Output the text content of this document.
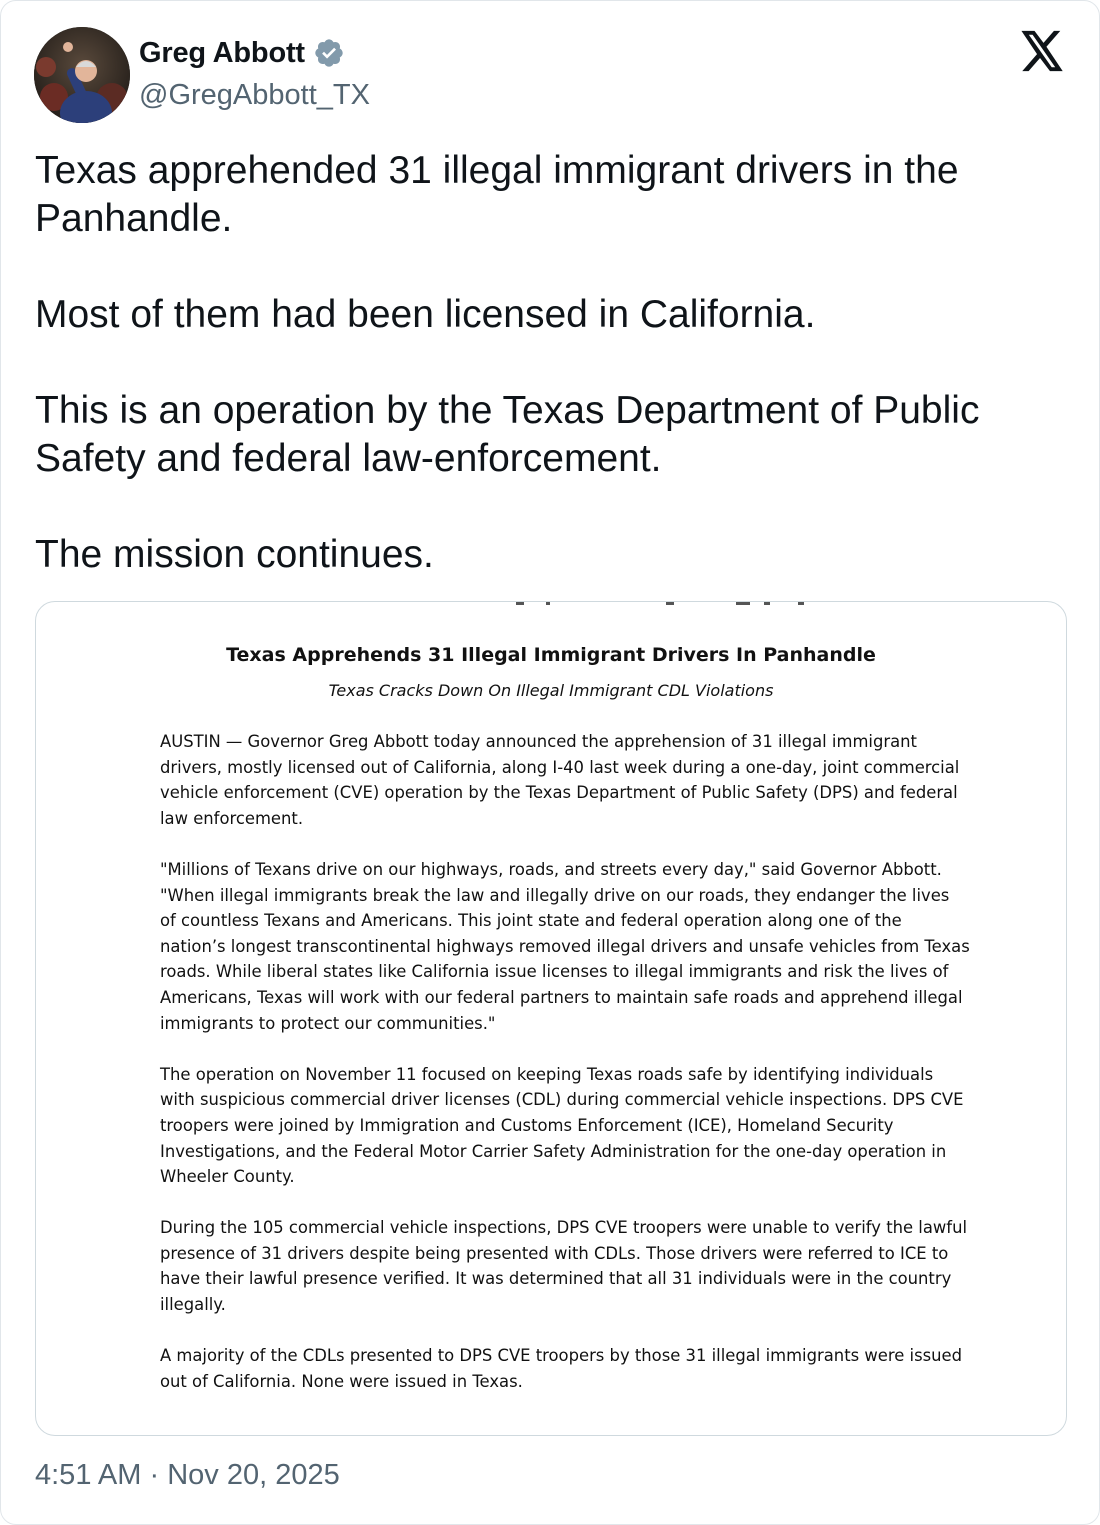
Greg Abbott
@GregAbbott_TX

Texas apprehended 31 illegal immigrant drivers in the Panhandle.

Most of them had been licensed in California.

This is an operation by the Texas Department of Public Safety and federal law-enforcement.

The mission continues.

Texas Apprehends 31 Illegal Immigrant Drivers In Panhandle
Texas Cracks Down On Illegal Immigrant CDL Violations

AUSTIN — Governor Greg Abbott today announced the apprehension of 31 illegal immigrant drivers, mostly licensed out of California, along I-40 last week during a one-day, joint commercial vehicle enforcement (CVE) operation by the Texas Department of Public Safety (DPS) and federal law enforcement.

"Millions of Texans drive on our highways, roads, and streets every day," said Governor Abbott. "When illegal immigrants break the law and illegally drive on our roads, they endanger the lives of countless Texans and Americans. This joint state and federal operation along one of the nation’s longest transcontinental highways removed illegal drivers and unsafe vehicles from Texas roads. While liberal states like California issue licenses to illegal immigrants and risk the lives of Americans, Texas will work with our federal partners to maintain safe roads and apprehend illegal immigrants to protect our communities."

The operation on November 11 focused on keeping Texas roads safe by identifying individuals with suspicious commercial driver licenses (CDL) during commercial vehicle inspections. DPS CVE troopers were joined by Immigration and Customs Enforcement (ICE), Homeland Security Investigations, and the Federal Motor Carrier Safety Administration for the one-day operation in Wheeler County.

During the 105 commercial vehicle inspections, DPS CVE troopers were unable to verify the lawful presence of 31 drivers despite being presented with CDLs. Those drivers were referred to ICE to have their lawful presence verified. It was determined that all 31 individuals were in the country illegally.

A majority of the CDLs presented to DPS CVE troopers by those 31 illegal immigrants were issued out of California. None were issued in Texas.

4:51 AM · Nov 20, 2025
